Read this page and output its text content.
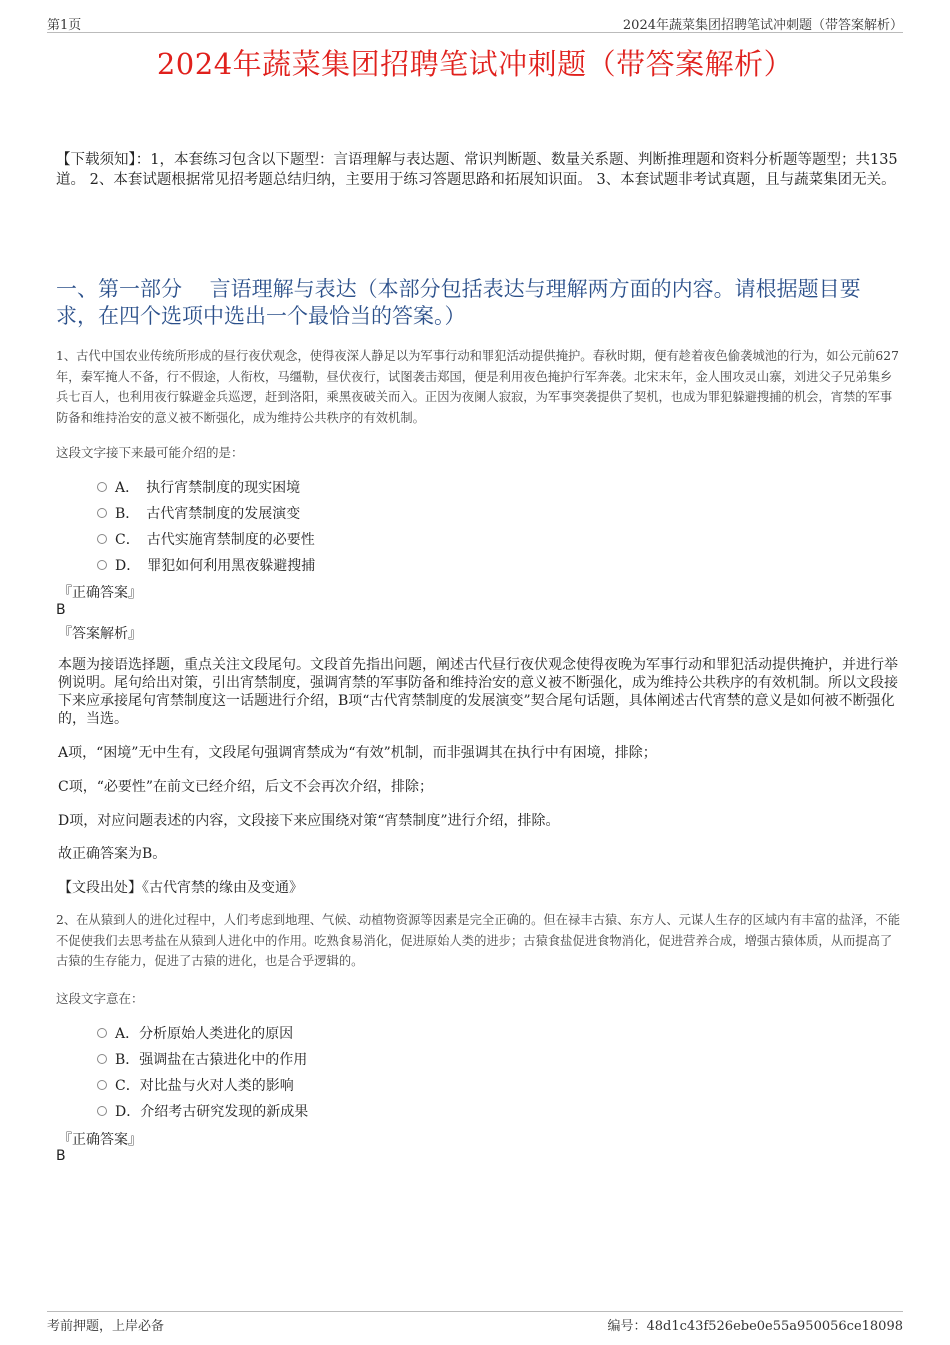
第1页	2024年蔬菜集团招聘笔试冲刺题（带答案解析）
2024年蔬菜集团招聘笔试冲刺题（带答案解析）
【下载须知】：1，本套练习包含以下题型：言语理解与表达题、常识判断题、数量关系题、判断推理题和资料分析题等题型；共135道。 2、本套试题根据常见招考题总结归纳，主要用于练习答题思路和拓展知识面。 3、本套试题非考试真题，且与蔬菜集团无关。
一、第一部分　 言语理解与表达（本部分包括表达与理解两方面的内容。请根据题目要求，在四个选项中选出一个最恰当的答案。）
1、古代中国农业传统所形成的昼行夜伏观念，使得夜深人静足以为军事行动和罪犯活动提供掩护。春秋时期，便有趁着夜色偷袭城池的行为，如公元前627年，秦军掩人不备，行不假途，人衔枚，马缰勒，昼伏夜行，试图袭击郑国，便是利用夜色掩护行军奔袭。北宋末年，金人围攻灵山寨，刘进父子兄弟集乡兵七百人，也利用夜行躲避金兵巡逻，赶到洛阳，乘黑夜破关而入。正因为夜阑人寂寂，为军事突袭提供了契机，也成为罪犯躲避搜捕的机会，宵禁的军事防备和维持治安的意义被不断强化，成为维持公共秩序的有效机制。
这段文字接下来最可能介绍的是：
A．　执行宵禁制度的现实困境
B．　古代宵禁制度的发展演变
C．　古代实施宵禁制度的必要性
D．　罪犯如何利用黑夜躲避搜捕
『正确答案』
B
『答案解析』
本题为接语选择题，重点关注文段尾句。文段首先指出问题，阐述古代昼行夜伏观念使得夜晚为军事行动和罪犯活动提供掩护，并进行举例说明。尾句给出对策，引出宵禁制度，强调宵禁的军事防备和维持治安的意义被不断强化，成为维持公共秩序的有效机制。所以文段接下来应承接尾句宵禁制度这一话题进行介绍，B项“古代宵禁制度的发展演变”契合尾句话题，具体阐述古代宵禁的意义是如何被不断强化的，当选。
A项，“困境”无中生有，文段尾句强调宵禁成为“有效”机制，而非强调其在执行中有困境，排除；
C项，“必要性”在前文已经介绍，后文不会再次介绍，排除；
D项，对应问题表述的内容，文段接下来应围绕对策“宵禁制度”进行介绍，排除。
故正确答案为B。
【文段出处】《古代宵禁的缘由及变通》
2、在从猿到人的进化过程中，人们考虑到地理、气候、动植物资源等因素是完全正确的。但在禄丰古猿、东方人、元谋人生存的区域内有丰富的盐泽，不能不促使我们去思考盐在从猿到人进化中的作用。吃熟食易消化，促进原始人类的进步；古猿食盐促进食物消化，促进营养合成，增强古猿体质，从而提高了古猿的生存能力，促进了古猿的进化，也是合乎逻辑的。
这段文字意在：
A．分析原始人类进化的原因
B．强调盐在古猿进化中的作用
C．对比盐与火对人类的影响
D．介绍考古研究发现的新成果
『正确答案』
B
考前押题，上岸必备	编号：48d1c43f526ebe0e55a950056ce18098
